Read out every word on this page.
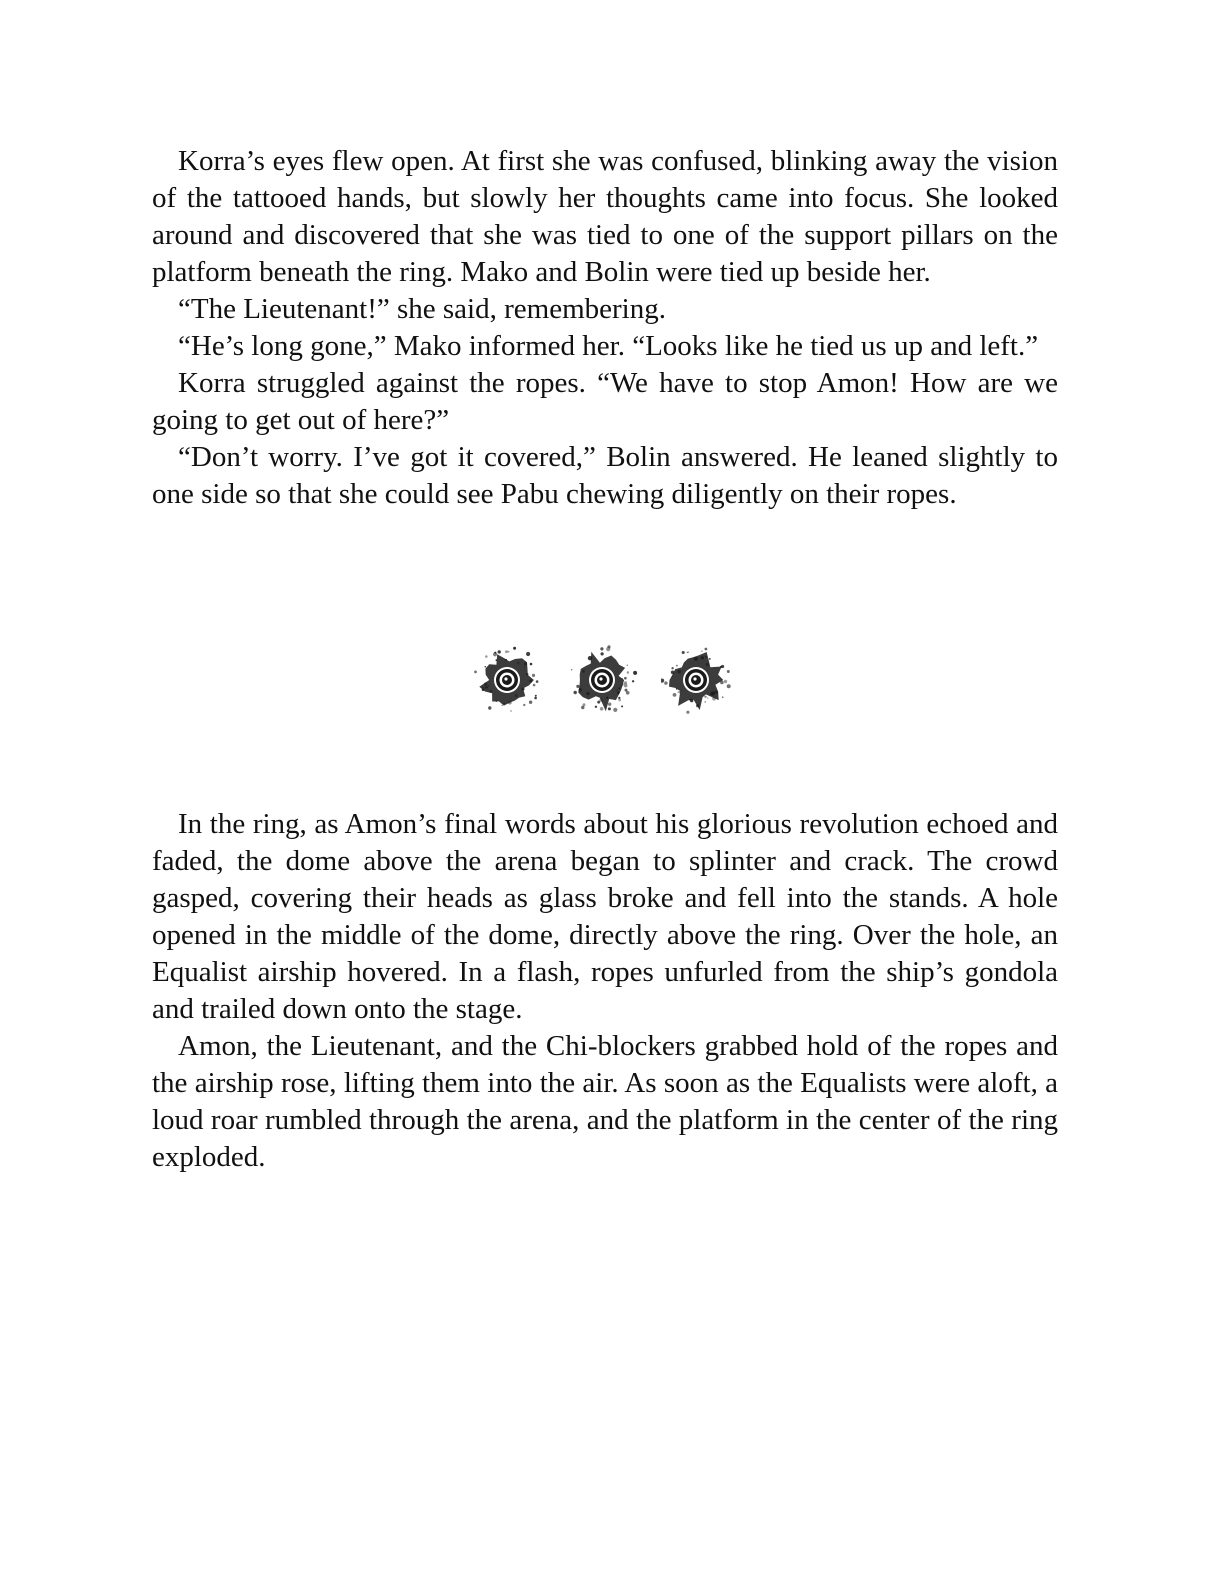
Korra’s eyes flew open. At first she was confused, blinking away the vision of the tattooed hands, but slowly her thoughts came into focus. She looked around and discovered that she was tied to one of the support pillars on the platform beneath the ring. Mako and Bolin were tied up beside her.

“The Lieutenant!” she said, remembering.

“He’s long gone,” Mako informed her. “Looks like he tied us up and left.”

Korra struggled against the ropes. “We have to stop Amon! How are we going to get out of here?”

“Don’t worry. I’ve got it covered,” Bolin answered. He leaned slightly to one side so that she could see Pabu chewing diligently on their ropes.

In the ring, as Amon’s final words about his glorious revolution echoed and faded, the dome above the arena began to splinter and crack. The crowd gasped, covering their heads as glass broke and fell into the stands. A hole opened in the middle of the dome, directly above the ring. Over the hole, an Equalist airship hovered. In a flash, ropes unfurled from the ship’s gondola and trailed down onto the stage.

Amon, the Lieutenant, and the Chi-blockers grabbed hold of the ropes and the airship rose, lifting them into the air. As soon as the Equalists were aloft, a loud roar rumbled through the arena, and the platform in the center of the ring exploded.
